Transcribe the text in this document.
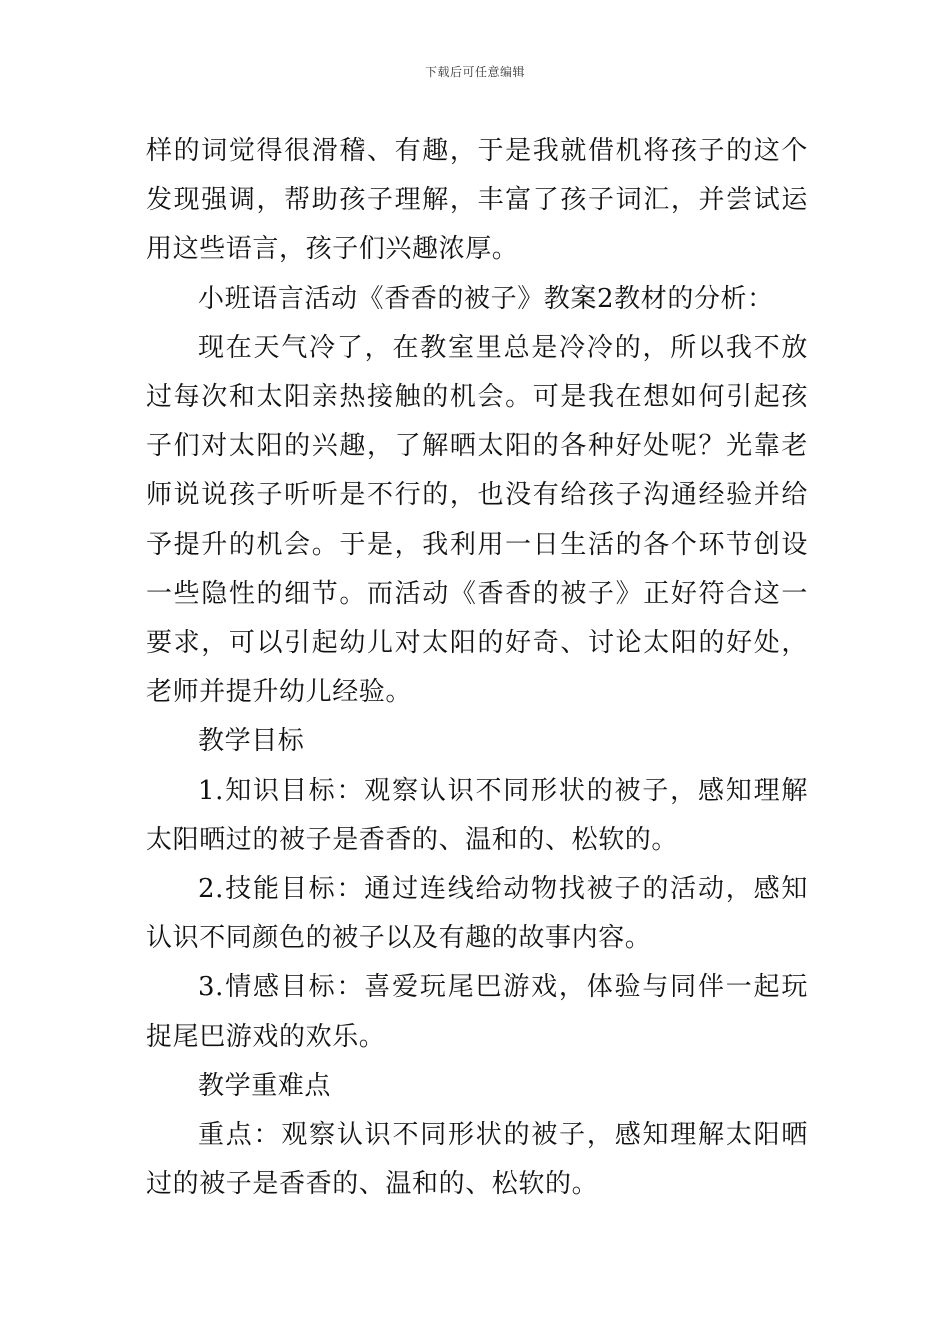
下载后可任意编辑

样的词觉得很滑稽、有趣，于是我就借机将孩子的这个发现强调，帮助孩子理解，丰富了孩子词汇，并尝试运用这些语言，孩子们兴趣浓厚。

小班语言活动《香香的被子》教案2教材的分析：

现在天气冷了，在教室里总是冷冷的，所以我不放过每次和太阳亲热接触的机会。可是我在想如何引起孩子们对太阳的兴趣，了解晒太阳的各种好处呢？光靠老师说说孩子听听是不行的，也没有给孩子沟通经验并给予提升的机会。于是，我利用一日生活的各个环节创设一些隐性的细节。而活动《香香的被子》正好符合这一要求，可以引起幼儿对太阳的好奇、讨论太阳的好处，老师并提升幼儿经验。

教学目标

1.知识目标：观察认识不同形状的被子，感知理解太阳晒过的被子是香香的、温和的、松软的。

2.技能目标：通过连线给动物找被子的活动，感知认识不同颜色的被子以及有趣的故事内容。

3.情感目标：喜爱玩尾巴游戏，体验与同伴一起玩捉尾巴游戏的欢乐。

教学重难点

重点：观察认识不同形状的被子，感知理解太阳晒过的被子是香香的、温和的、松软的。
